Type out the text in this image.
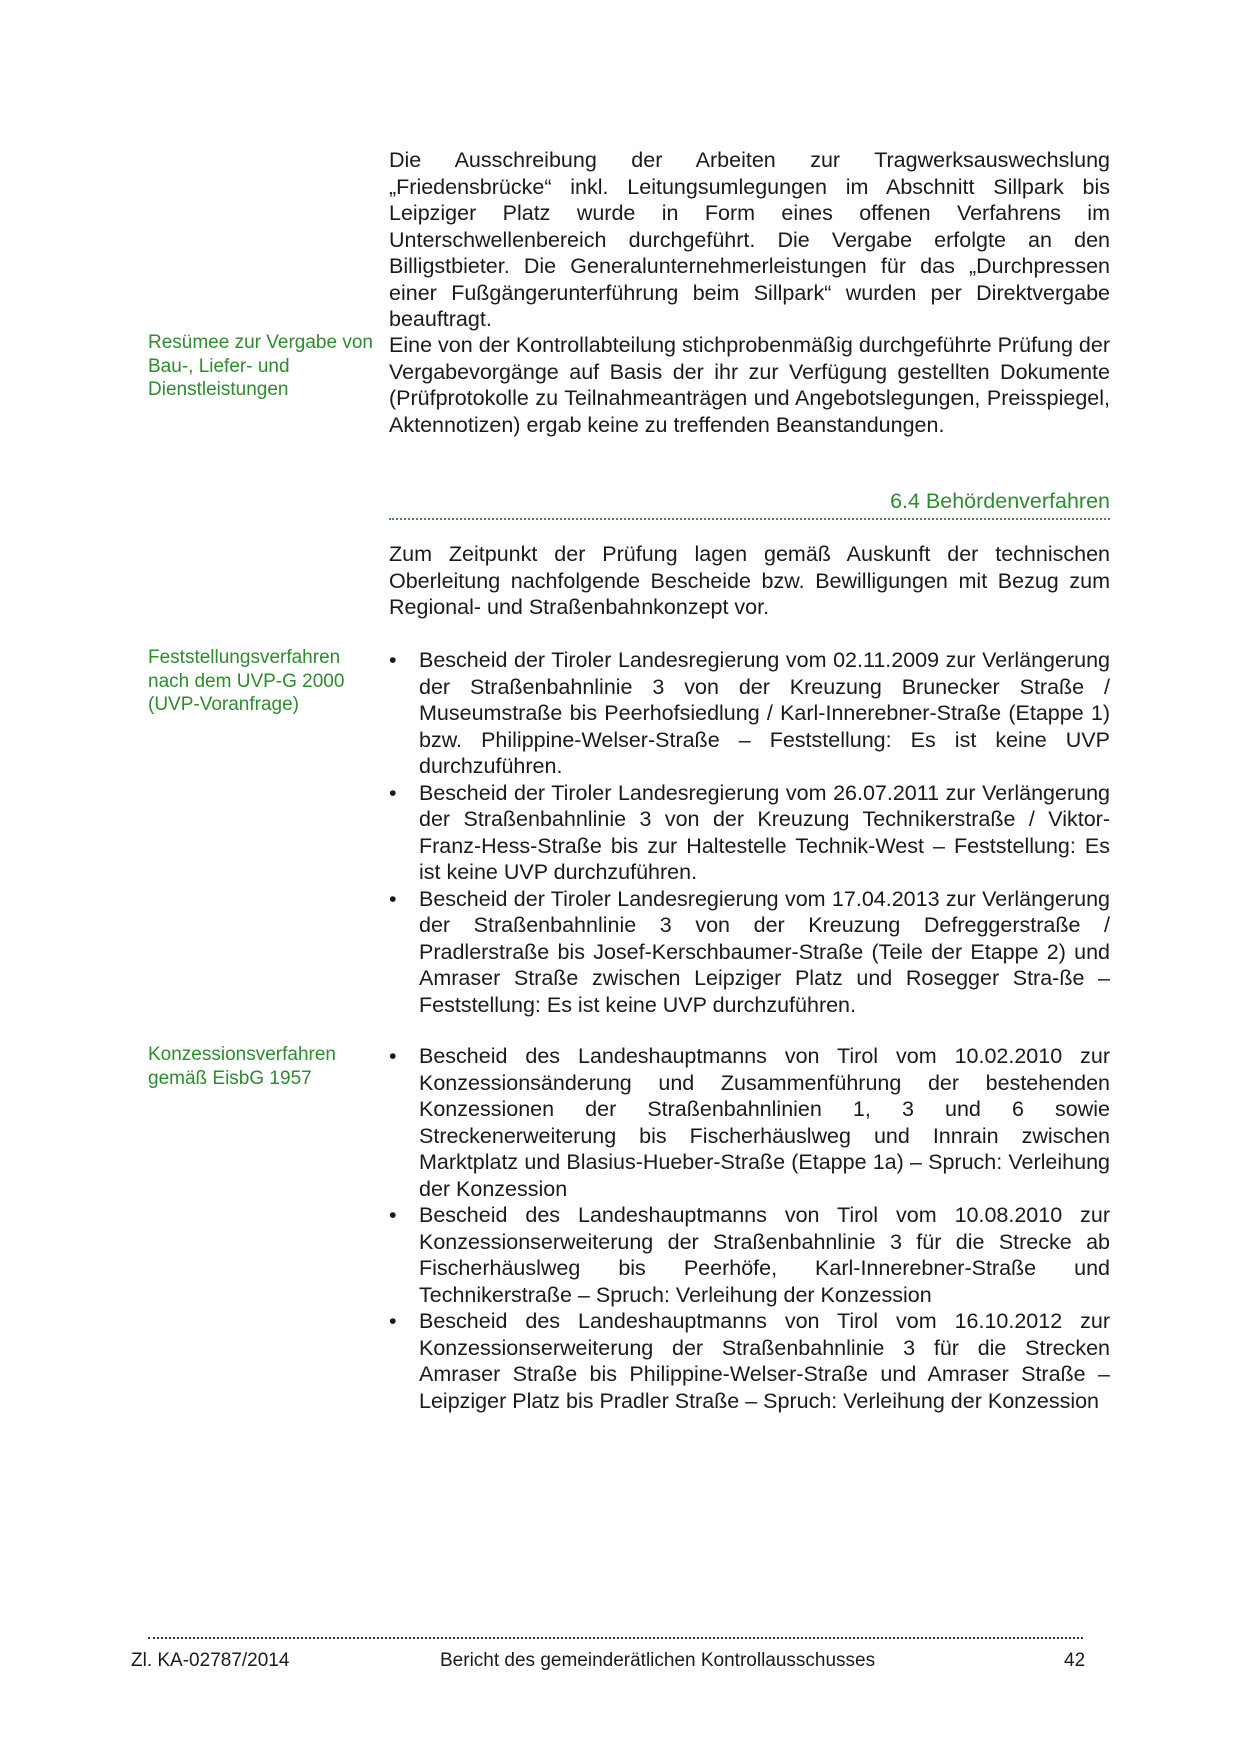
Die Ausschreibung der Arbeiten zur Tragwerksauswechslung „Friedensbrücke“ inkl. Leitungsumlegungen im Abschnitt Sillpark bis Leipziger Platz wurde in Form eines offenen Verfahrens im Unterschwellenbereich durchgeführt. Die Vergabe erfolgte an den Billigstbieter. Die Generalunternehmerleistungen für das „Durchpressen einer Fußgängerunterführung beim Sillpark“ wurden per Direktvergabe beauftragt.
Resümee zur Vergabe von Bau-, Liefer- und Dienstleistungen
Eine von der Kontrollabteilung stichprobenmäßig durchgeführte Prüfung der Vergabevorgänge auf Basis der ihr zur Verfügung gestellten Dokumente (Prüfprotokolle zu Teilnahmeanträgen und Angebotslegungen, Preisspiegel, Aktennotizen) ergab keine zu treffenden Beanstandungen.
6.4 Behördenverfahren
Zum Zeitpunkt der Prüfung lagen gemäß Auskunft der technischen Oberleitung nachfolgende Bescheide bzw. Bewilligungen mit Bezug zum Regional- und Straßenbahnkonzept vor.
Feststellungsverfahren nach dem UVP-G 2000 (UVP-Voranfrage)
• Bescheid der Tiroler Landesregierung vom 02.11.2009 zur Verlängerung der Straßenbahnlinie 3 von der Kreuzung Brunecker Straße / Museumstraße bis Peerhofsiedlung / Karl-Innerebner-Straße (Etappe 1) bzw. Philippine-Welser-Straße – Feststellung: Es ist keine UVP durchzuführen.
• Bescheid der Tiroler Landesregierung vom 26.07.2011 zur Verlängerung der Straßenbahnlinie 3 von der Kreuzung Technikerstraße / Viktor-Franz-Hess-Straße bis zur Haltestelle Technik-West – Feststellung: Es ist keine UVP durchzuführen.
• Bescheid der Tiroler Landesregierung vom 17.04.2013 zur Verlängerung der Straßenbahnlinie 3 von der Kreuzung Defreggerstraße / Pradlerstraße bis Josef-Kerschbaumer-Straße (Teile der Etappe 2) und Amraser Straße zwischen Leipziger Platz und Rosegger Stra-ße – Feststellung: Es ist keine UVP durchzuführen.
Konzessionsverfahren gemäß EisbG 1957
• Bescheid des Landeshauptmanns von Tirol vom 10.02.2010 zur Konzessionsänderung und Zusammenführung der bestehenden Konzessionen der Straßenbahnlinien 1, 3 und 6 sowie Streckenerweiterung bis Fischerhäuslweg und Innrain zwischen Marktplatz und Blasius-Hueber-Straße (Etappe 1a) – Spruch: Verleihung der Konzession
• Bescheid des Landeshauptmanns von Tirol vom 10.08.2010 zur Konzessionserweiterung der Straßenbahnlinie 3 für die Strecke ab Fischerhäuslweg bis Peerhöfe, Karl-Innerebner-Straße und Technikerstraße – Spruch: Verleihung der Konzession
• Bescheid des Landeshauptmanns von Tirol vom 16.10.2012 zur Konzessionserweiterung der Straßenbahnlinie 3 für die Strecken Amraser Straße bis Philippine-Welser-Straße und Amraser Straße – Leipziger Platz bis Pradler Straße – Spruch: Verleihung der Konzession
Zl. KA-02787/2014	Bericht des gemeinderätlichen Kontrollausschusses	42
